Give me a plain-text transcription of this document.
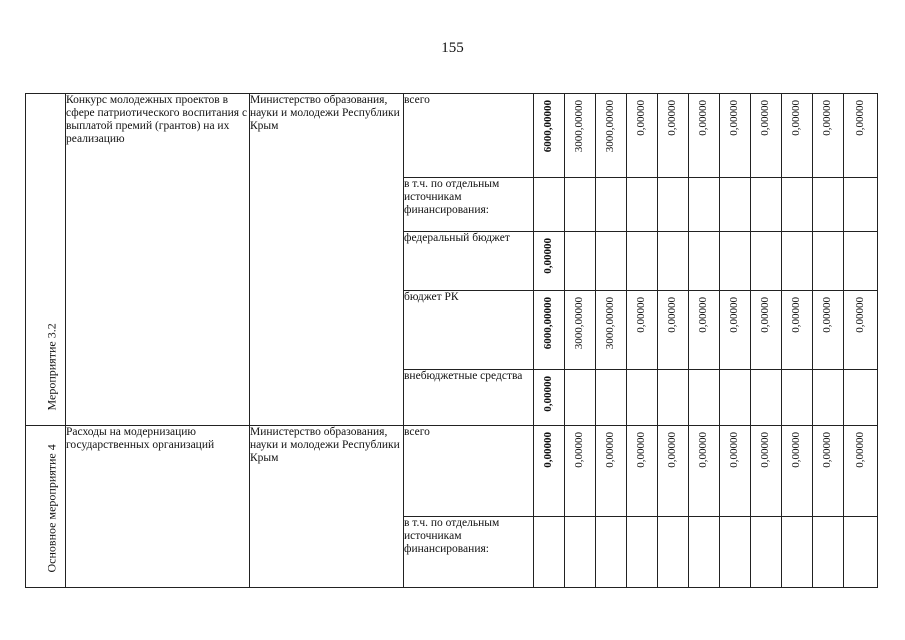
155
Мероприятие 3.2	Конкурс молодежных проектов в сфере патриотического воспитания с выплатой премий (грантов) на их реализацию	Министерство образования, науки и молодежи Республики Крым	всего	6000,00000	3000,00000	3000,00000	0,00000	0,00000	0,00000	0,00000	0,00000	0,00000	0,00000	0,00000

			в т.ч. по отдельным источникам финансирования:											
			федеральный бюджет	0,00000										

			бюджет РК	6000,00000	3000,00000	3000,00000	0,00000	0,00000	0,00000	0,00000	0,00000	0,00000	0,00000	0,00000

			внебюджетные средства	0,00000										

Основное мероприятие 4	Расходы на модернизацию государственных организаций	Министерство образования, науки и молодежи Республики Крым	всего	0,00000	0,00000	0,00000	0,00000	0,00000	0,00000	0,00000	0,00000	0,00000	0,00000	0,00000

			в т.ч. по отдельным источникам финансирования:											
